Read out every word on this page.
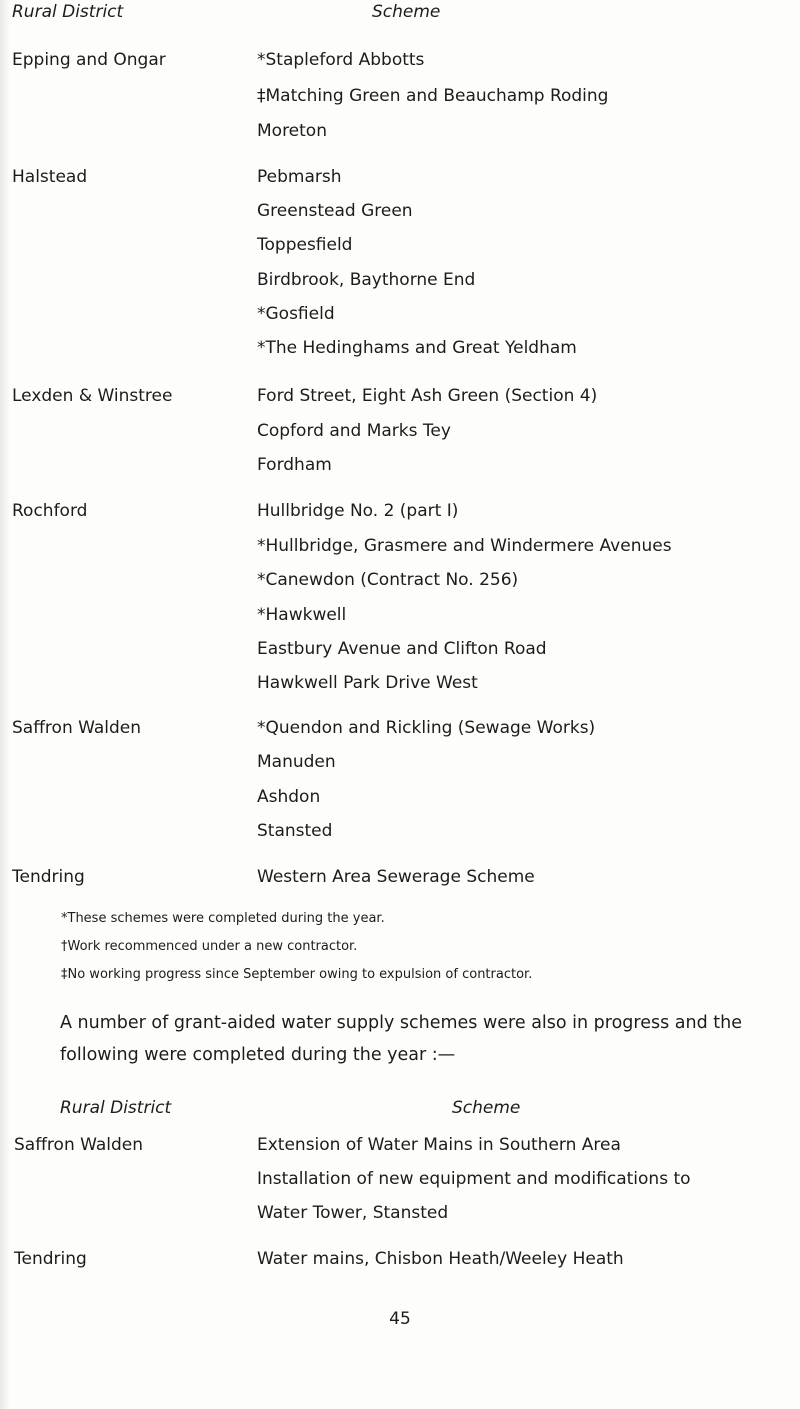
Rural District	Scheme
Epping and Ongar	*Stapleford Abbotts
‡Matching Green and Beauchamp Roding
Moreton
Halstead	Pebmarsh
Greenstead Green
Toppesfield
Birdbrook, Baythorne End
*Gosfield
*The Hedinghams and Great Yeldham
Lexden & Winstree	Ford Street, Eight Ash Green (Section 4)
Copford and Marks Tey
Fordham
Rochford	Hullbridge No. 2 (part I)
*Hullbridge, Grasmere and Windermere Avenues
*Canewdon (Contract No. 256)
*Hawkwell
Eastbury Avenue and Clifton Road
Hawkwell Park Drive West
Saffron Walden	*Quendon and Rickling (Sewage Works)
Manuden
Ashdon
Stansted
Tendring	Western Area Sewerage Scheme
*These schemes were completed during the year.
†Work recommenced under a new contractor.
‡No working progress since September owing to expulsion of contractor.

A number of grant-aided water supply schemes were also in progress and the following were completed during the year :—

Rural District	Scheme
Saffron Walden	Extension of Water Mains in Southern Area
Installation of new equipment and modifications to
Water Tower, Stansted
Tendring	Water mains, Chisbon Heath/Weeley Heath
45
